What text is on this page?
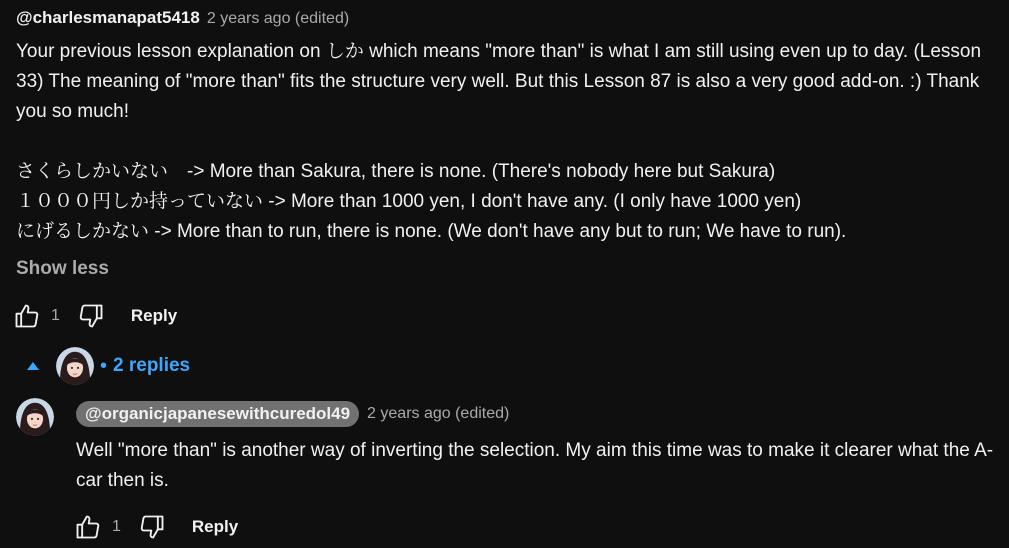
@charlesmanapat5418 2 years ago (edited)

Your previous lesson explanation on しか which means "more than" is what I am still using even up to day. (Lesson 33) The meaning of "more than" fits the structure very well. But this Lesson 87 is also a very good add-on. :) Thank you so much!

さくらしかいない　-> More than Sakura, there is none. (There's nobody here but Sakura)

１０００円しか持っていない -> More than 1000 yen, I don't have any. (I only have 1000 yen)

にげるしかない -> More than to run, there is none. (We don't have any but to run; We have to run).

Show less
1	Reply
• 2 replies
@organicjapanesewithcuredol49	2 years ago (edited)

Well "more than" is another way of inverting the selection. My aim this time was to make it clearer what the A-car then is.

1	Reply
